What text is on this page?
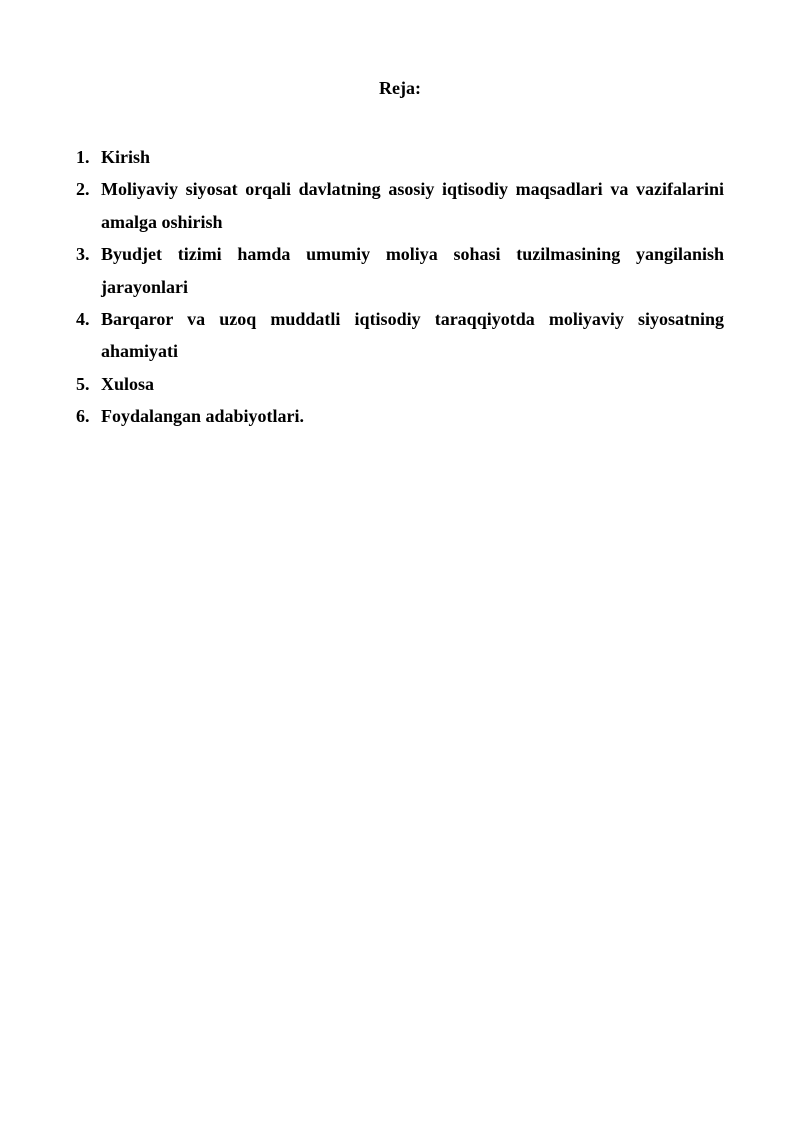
Reja:
1. Kirish
2. Moliyaviy siyosat orqali davlatning asosiy iqtisodiy maqsadlari va vazifalarini amalga oshirish
3. Byudjet tizimi hamda umumiy moliya sohasi tuzilmasining yangilanish jarayonlari
4. Barqaror va uzoq muddatli iqtisodiy taraqqiyotda moliyaviy siyosatning ahamiyati
5. Xulosa
6. Foydalangan adabiyotlari.
